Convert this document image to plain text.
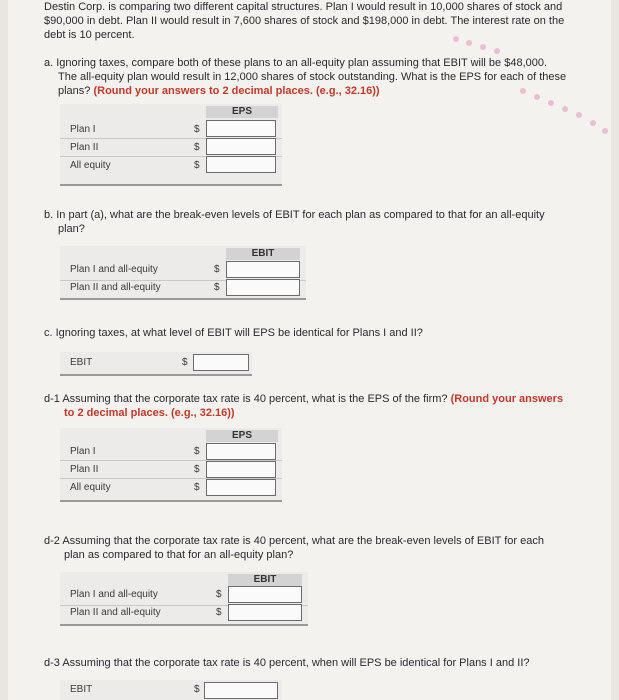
Destin Corp. is comparing two different capital structures. Plan I would result in 10,000 shares of stock and
$90,000 in debt. Plan II would result in 7,600 shares of stock and $198,000 in debt. The interest rate on the
debt is 10 percent.
a. Ignoring taxes, compare both of these plans to an all-equity plan assuming that EBIT will be $48,000.
The all-equity plan would result in 12,000 shares of stock outstanding. What is the EPS for each of these
plans? (Round your answers to 2 decimal places. (e.g., 32.16))
EPS
Plan I
Plan II
All equity
$
$
$
b. In part (a), what are the break-even levels of EBIT for each plan as compared to that for an all-equity
plan?
EBIT
Plan I and all-equity
Plan II and all-equity
$
$
c. Ignoring taxes, at what level of EBIT will EPS be identical for Plans I and II?
EBIT	$
d-1 Assuming that the corporate tax rate is 40 percent, what is the EPS of the firm? (Round your answers
to 2 decimal places. (e.g., 32.16))
EPS
Plan I
Plan II
All equity
$
$
$
d-2 Assuming that the corporate tax rate is 40 percent, what are the break-even levels of EBIT for each
plan as compared to that for an all-equity plan?
EBIT
Plan I and all-equity
Plan II and all-equity
$
$
d-3 Assuming that the corporate tax rate is 40 percent, when will EPS be identical for Plans I and II?
EBIT	$
